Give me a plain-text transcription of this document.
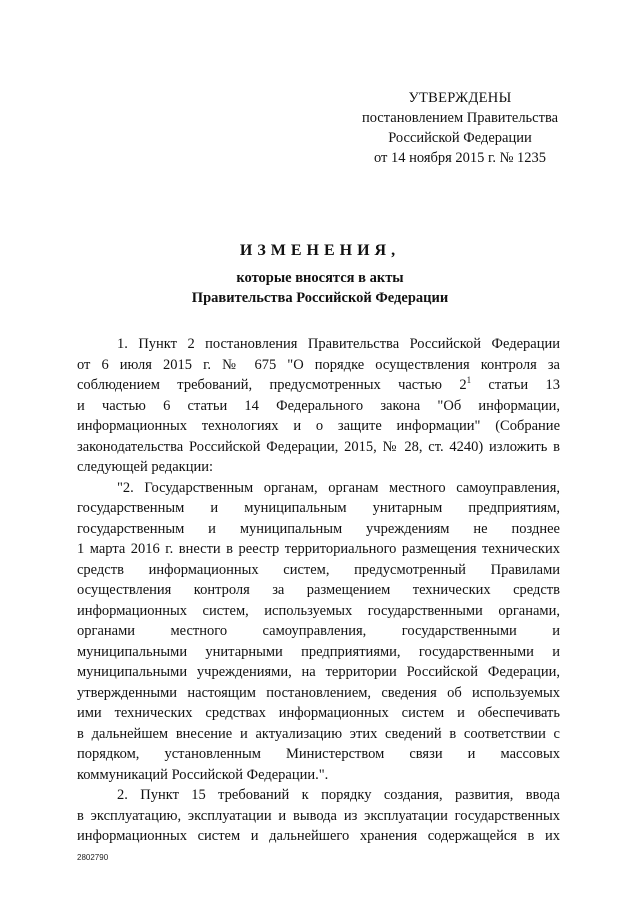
УТВЕРЖДЕНЫ
постановлением Правительства
Российской Федерации
от 14 ноября 2015 г. № 1235
ИЗМЕНЕНИЯ,
которые вносятся в акты
Правительства Российской Федерации
1. Пункт 2 постановления Правительства Российской Федерации
от 6 июля 2015 г. № 675 "О порядке осуществления контроля за
соблюдением требований, предусмотренных частью $2^1$ статьи 13
и частью 6 статьи 14 Федерального закона "Об информации,
информационных технологиях и о защите информации" (Собрание
законодательства Российской Федерации, 2015, № 28, ст. 4240) изложить в
следующей редакции:
"2. Государственным органам, органам местного самоуправления,
государственным и муниципальным унитарным предприятиям,
государственным и муниципальным учреждениям не позднее
1 марта 2016 г. внести в реестр территориального размещения технических
средств информационных систем, предусмотренный Правилами
осуществления контроля за размещением технических средств
информационных систем, используемых государственными органами,
органами местного самоуправления, государственными и
муниципальными унитарными предприятиями, государственными и
муниципальными учреждениями, на территории Российской Федерации,
утвержденными настоящим постановлением, сведения об используемых
ими технических средствах информационных систем и обеспечивать
в дальнейшем внесение и актуализацию этих сведений в соответствии с
порядком, установленным Министерством связи и массовых
коммуникаций Российской Федерации.".
2. Пункт 15 требований к порядку создания, развития, ввода
в эксплуатацию, эксплуатации и вывода из эксплуатации государственных
информационных систем и дальнейшего хранения содержащейся в их
2802790
